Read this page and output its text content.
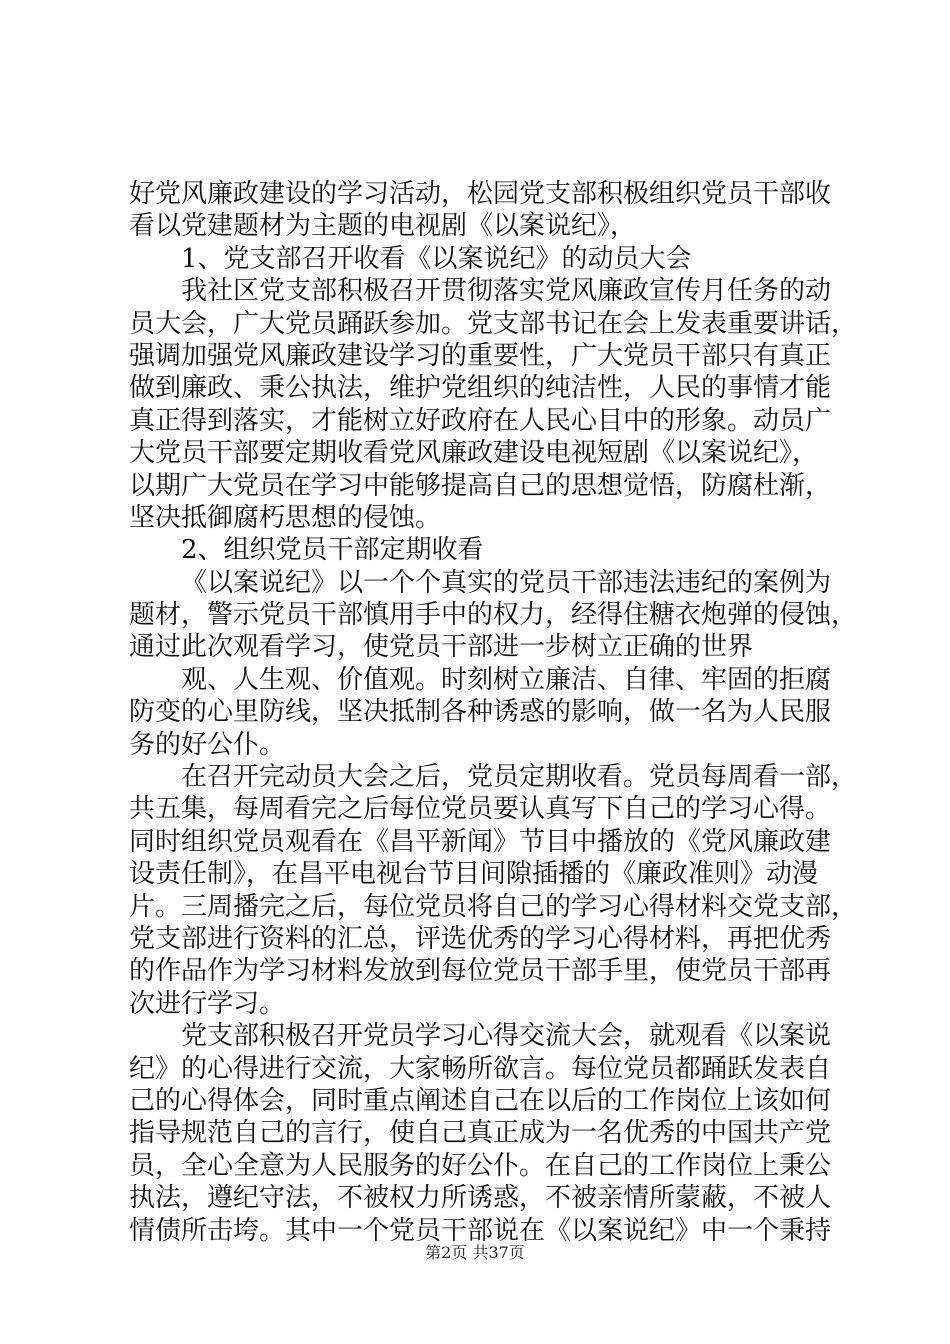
好党风廉政建设的学习活动，松园党支部积极组织党员干部收
看以党建题材为主题的电视剧《以案说纪》，
1、党支部召开收看《以案说纪》的动员大会
我社区党支部积极召开贯彻落实党风廉政宣传月任务的动
员大会，广大党员踊跃参加。党支部书记在会上发表重要讲话，
强调加强党风廉政建设学习的重要性，广大党员干部只有真正
做到廉政、秉公执法，维护党组织的纯洁性，人民的事情才能
真正得到落实，才能树立好政府在人民心目中的形象。动员广
大党员干部要定期收看党风廉政建设电视短剧《以案说纪》，
以期广大党员在学习中能够提高自己的思想觉悟，防腐杜渐，
坚决抵御腐朽思想的侵蚀。
2、组织党员干部定期收看
《以案说纪》以一个个真实的党员干部违法违纪的案例为
题材，警示党员干部慎用手中的权力，经得住糖衣炮弹的侵蚀，
通过此次观看学习，使党员干部进一步树立正确的世界
观、人生观、价值观。时刻树立廉洁、自律、牢固的拒腐
防变的心里防线，坚决抵制各种诱惑的影响，做一名为人民服
务的好公仆。
在召开完动员大会之后，党员定期收看。党员每周看一部，
共五集，每周看完之后每位党员要认真写下自己的学习心得。
同时组织党员观看在《昌平新闻》节目中播放的《党风廉政建
设责任制》，在昌平电视台节目间隙插播的《廉政准则》动漫
片。三周播完之后，每位党员将自己的学习心得材料交党支部，
党支部进行资料的汇总，评选优秀的学习心得材料，再把优秀
的作品作为学习材料发放到每位党员干部手里，使党员干部再
次进行学习。
党支部积极召开党员学习心得交流大会，就观看《以案说
纪》的心得进行交流，大家畅所欲言。每位党员都踊跃发表自
己的心得体会，同时重点阐述自己在以后的工作岗位上该如何
指导规范自己的言行，使自己真正成为一名优秀的中国共产党
员，全心全意为人民服务的好公仆。在自己的工作岗位上秉公
执法，遵纪守法，不被权力所诱惑，不被亲情所蒙蔽，不被人
情债所击垮。其中一个党员干部说在《以案说纪》中一个秉持
第2页 共37页
